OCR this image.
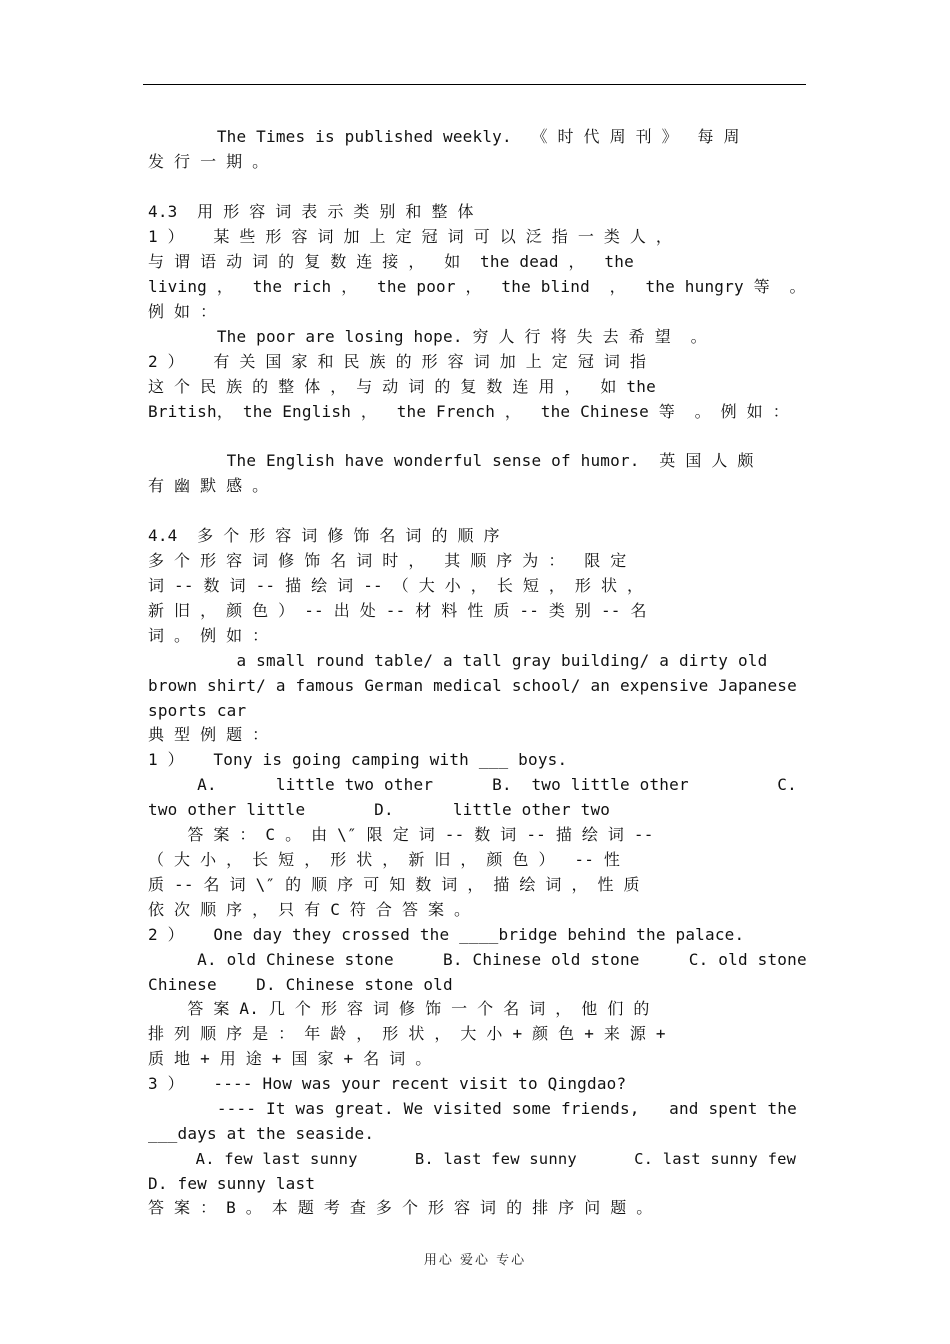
The Times is published weekly.  《 时 代 周 刊 》  每 周
发 行 一 期 。
4.3  用 形 容 词 表 示 类 别 和 整 体
1 ）   某 些 形 容 词 加 上 定 冠 词 可 以 泛 指 一 类 人 ，
与 谓 语 动 词 的 复 数 连 接 ，  如  the dead ，  the
living ，  the rich ，  the poor ，  the blind  ，  the hungry 等  。
例 如 ：
The poor are losing hope. 穷 人 行 将 失 去 希 望  。
2 ）   有 关 国 家 和 民 族 的 形 容 词 加 上 定 冠 词 指
这 个 民 族 的 整 体 ， 与 动 词 的 复 数 连 用 ，  如 the
British， the English ，  the French ，  the Chinese 等  。 例 如 ：
The English have wonderful sense of humor.  英 国 人 颇
有 幽 默 感 。
4.4  多 个 形 容 词 修 饰 名 词 的 顺 序
多 个 形 容 词 修 饰 名 词 时 ，  其 顺 序 为 ：  限 定
词 -- 数 词 -- 描 绘 词 -- （ 大 小 ， 长 短 ， 形 状 ，
新 旧 ， 颜 色 ） -- 出 处 -- 材 料 性 质 -- 类 别 -- 名
词 。 例 如 ：
a small round table/ a tall gray building/ a dirty old
brown shirt/ a famous German medical school/ an expensive Japanese
sports car
典 型 例 题 ：
1 ）   Tony is going camping with ___ boys.
A.      little two other      B.  two little other         C.
two other little       D.      little other two
答 案 ： C 。 由 \″ 限 定 词 -- 数 词 -- 描 绘 词 --
（ 大 小 ， 长 短 ， 形 状 ， 新 旧 ， 颜 色 ）  -- 性
质 -- 名 词 \″ 的 顺 序 可 知 数 词 ， 描 绘 词 ， 性 质
依 次 顺 序 ， 只 有 C 符 合 答 案 。
2 ）   One day they crossed the ____bridge behind the palace.
A. old Chinese stone     B. Chinese old stone     C. old stone
Chinese    D. Chinese stone old
答 案 A. 几 个 形 容 词 修 饰 一 个 名 词 ， 他 们 的
排 列 顺 序 是 ： 年 龄 ， 形 状 ， 大 小 + 颜 色 + 来 源 +
质 地 + 用 途 + 国 家 + 名 词 。
3 ）   ---- How was your recent visit to Qingdao?
---- It was great. We visited some friends,   and spent the
___days at the seaside.
A. few last sunny      B. last few sunny      C. last sunny few
D. few sunny last
答 案 ： B 。 本 题 考 查 多 个 形 容 词 的 排 序 问 题 。
用心 爱心 专心
